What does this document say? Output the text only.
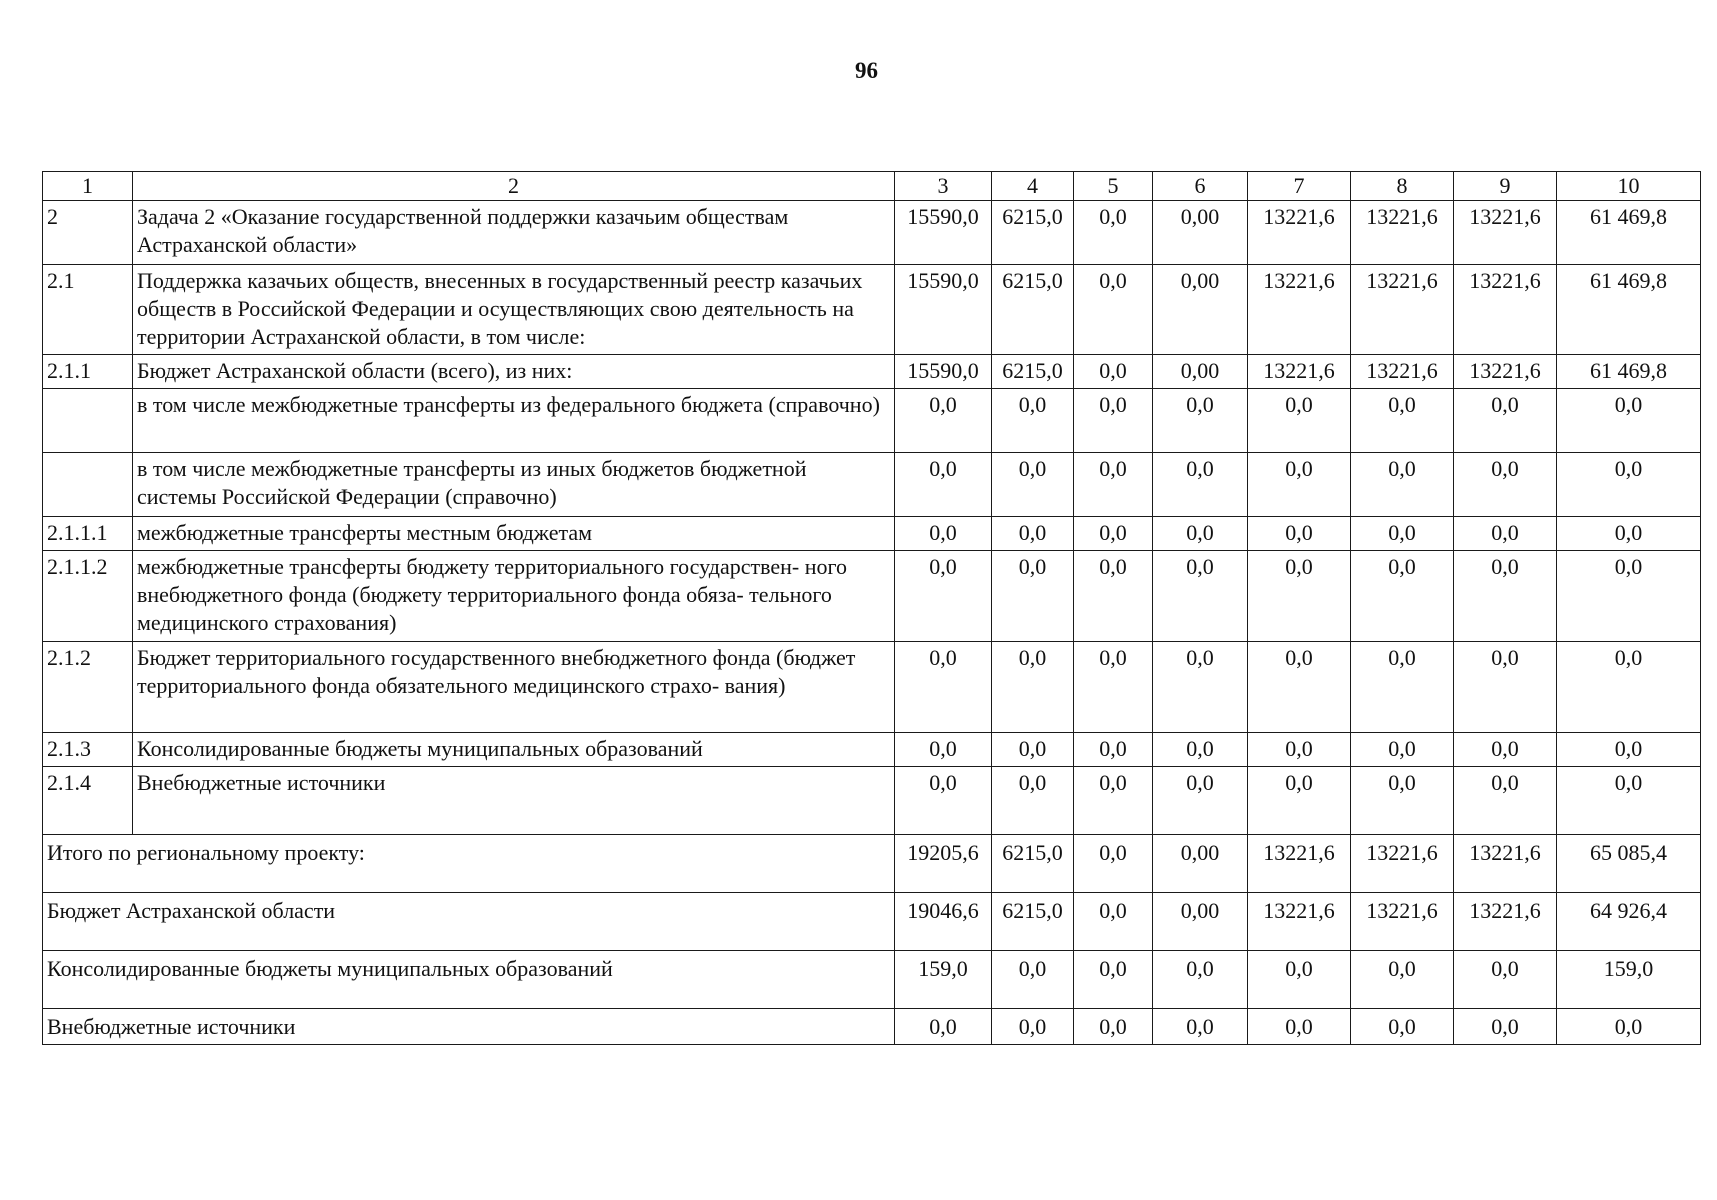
96
1	2	3	4	5	6	7	8	9	10
2	Задача 2 «Оказание государственной поддержки казачьим обществам Астраханской области»	15590,0	6215,0	0,0	0,00	13221,6	13221,6	13221,6	61 469,8
2.1	Поддержка казачьих обществ, внесенных в государственный реестр казачьих обществ в Российской Федерации и осуществляющих свою деятельность на территории Астраханской области, в том числе:	15590,0	6215,0	0,0	0,00	13221,6	13221,6	13221,6	61 469,8
2.1.1	Бюджет Астраханской области (всего), из них:	15590,0	6215,0	0,0	0,00	13221,6	13221,6	13221,6	61 469,8
	в том числе межбюджетные трансферты из федерального бюджета (справочно)	0,0	0,0	0,0	0,0	0,0	0,0	0,0	0,0
	в том числе межбюджетные трансферты из иных бюджетов бюджетной системы Российской Федерации (справочно)	0,0	0,0	0,0	0,0	0,0	0,0	0,0	0,0
2.1.1.1	межбюджетные трансферты местным бюджетам	0,0	0,0	0,0	0,0	0,0	0,0	0,0	0,0
2.1.1.2	межбюджетные трансферты бюджету территориального государствен- ного внебюджетного фонда (бюджету территориального фонда обяза- тельного медицинского страхования)	0,0	0,0	0,0	0,0	0,0	0,0	0,0	0,0
2.1.2	Бюджет территориального государственного внебюджетного фонда (бюджет территориального фонда обязательного медицинского страхо- вания)	0,0	0,0	0,0	0,0	0,0	0,0	0,0	0,0
2.1.3	Консолидированные бюджеты муниципальных образований	0,0	0,0	0,0	0,0	0,0	0,0	0,0	0,0
2.1.4	Внебюджетные источники	0,0	0,0	0,0	0,0	0,0	0,0	0,0	0,0
Итого по региональному проекту:		19205,6	6215,0	0,0	0,00	13221,6	13221,6	13221,6	65 085,4
Бюджет Астраханской области		19046,6	6215,0	0,0	0,00	13221,6	13221,6	13221,6	64 926,4
Консолидированные бюджеты муниципальных образований		159,0	0,0	0,0	0,0	0,0	0,0	0,0	159,0
Внебюджетные источники		0,0	0,0	0,0	0,0	0,0	0,0	0,0	0,0
